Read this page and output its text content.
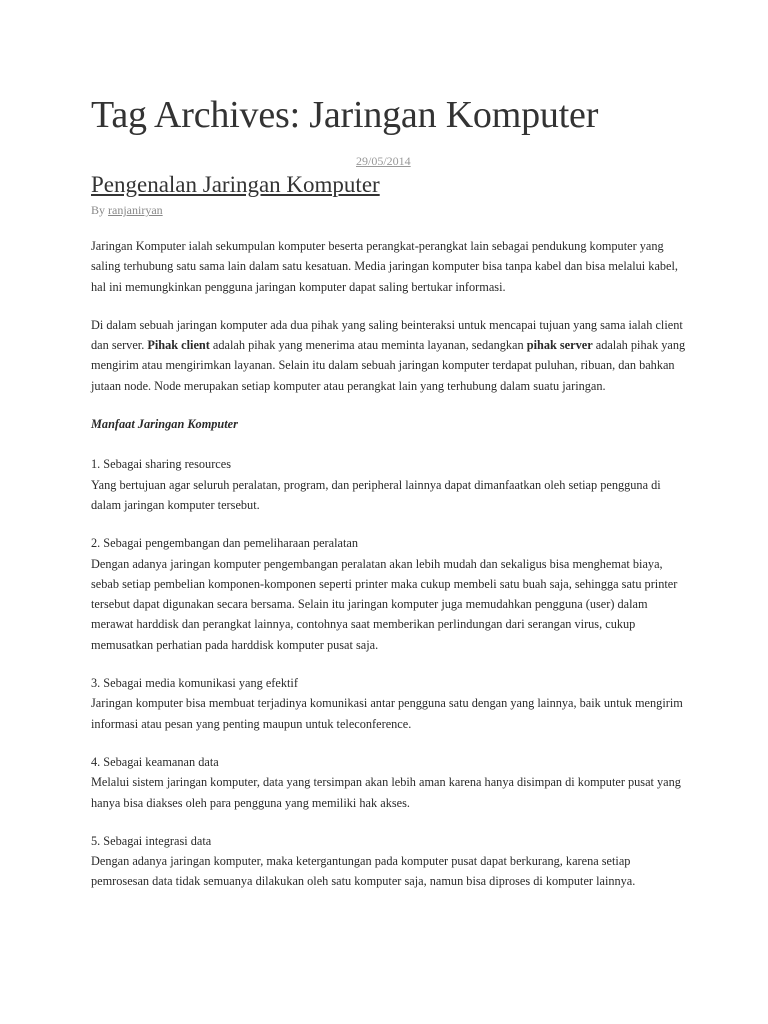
Tag Archives: Jaringan Komputer
29/05/2014
Pengenalan Jaringan Komputer
By ranjaniryan

Jaringan Komputer ialah sekumpulan komputer beserta perangkat-perangkat lain sebagai pendukung komputer yang saling terhubung satu sama lain dalam satu kesatuan. Media jaringan komputer bisa tanpa kabel dan bisa melalui kabel, hal ini memungkinkan pengguna jaringan komputer dapat saling bertukar informasi.

Di dalam sebuah jaringan komputer ada dua pihak yang saling beinteraksi untuk mencapai tujuan yang sama ialah client dan server. Pihak client adalah pihak yang menerima atau meminta layanan, sedangkan pihak server adalah pihak yang mengirim atau mengirimkan layanan. Selain itu dalam sebuah jaringan komputer terdapat puluhan, ribuan, dan bahkan jutaan node. Node merupakan setiap komputer atau perangkat lain yang terhubung dalam suatu jaringan.

Manfaat Jaringan Komputer

1. Sebagai sharing resources
Yang bertujuan agar seluruh peralatan, program, dan peripheral lainnya dapat dimanfaatkan oleh setiap pengguna di dalam jaringan komputer tersebut.
2. Sebagai pengembangan dan pemeliharaan peralatan
Dengan adanya jaringan komputer pengembangan peralatan akan lebih mudah dan sekaligus bisa menghemat biaya, sebab setiap pembelian komponen-komponen seperti printer maka cukup membeli satu buah saja, sehingga satu printer tersebut dapat digunakan secara bersama. Selain itu jaringan komputer juga memudahkan pengguna (user) dalam merawat harddisk dan perangkat lainnya, contohnya saat memberikan perlindungan dari serangan virus, cukup memusatkan perhatian pada harddisk komputer pusat saja.
3. Sebagai media komunikasi yang efektif
Jaringan komputer bisa membuat terjadinya komunikasi antar pengguna satu dengan yang lainnya, baik untuk mengirim informasi atau pesan yang penting maupun untuk teleconference.
4. Sebagai keamanan data
Melalui sistem jaringan komputer, data yang tersimpan akan lebih aman karena hanya disimpan di komputer pusat yang hanya bisa diakses oleh para pengguna yang memiliki hak akses.
5. Sebagai integrasi data
Dengan adanya jaringan komputer, maka ketergantungan pada komputer pusat dapat berkurang, karena setiap pemrosesan data tidak semuanya dilakukan oleh satu komputer saja, namun bisa diproses di komputer lainnya.
